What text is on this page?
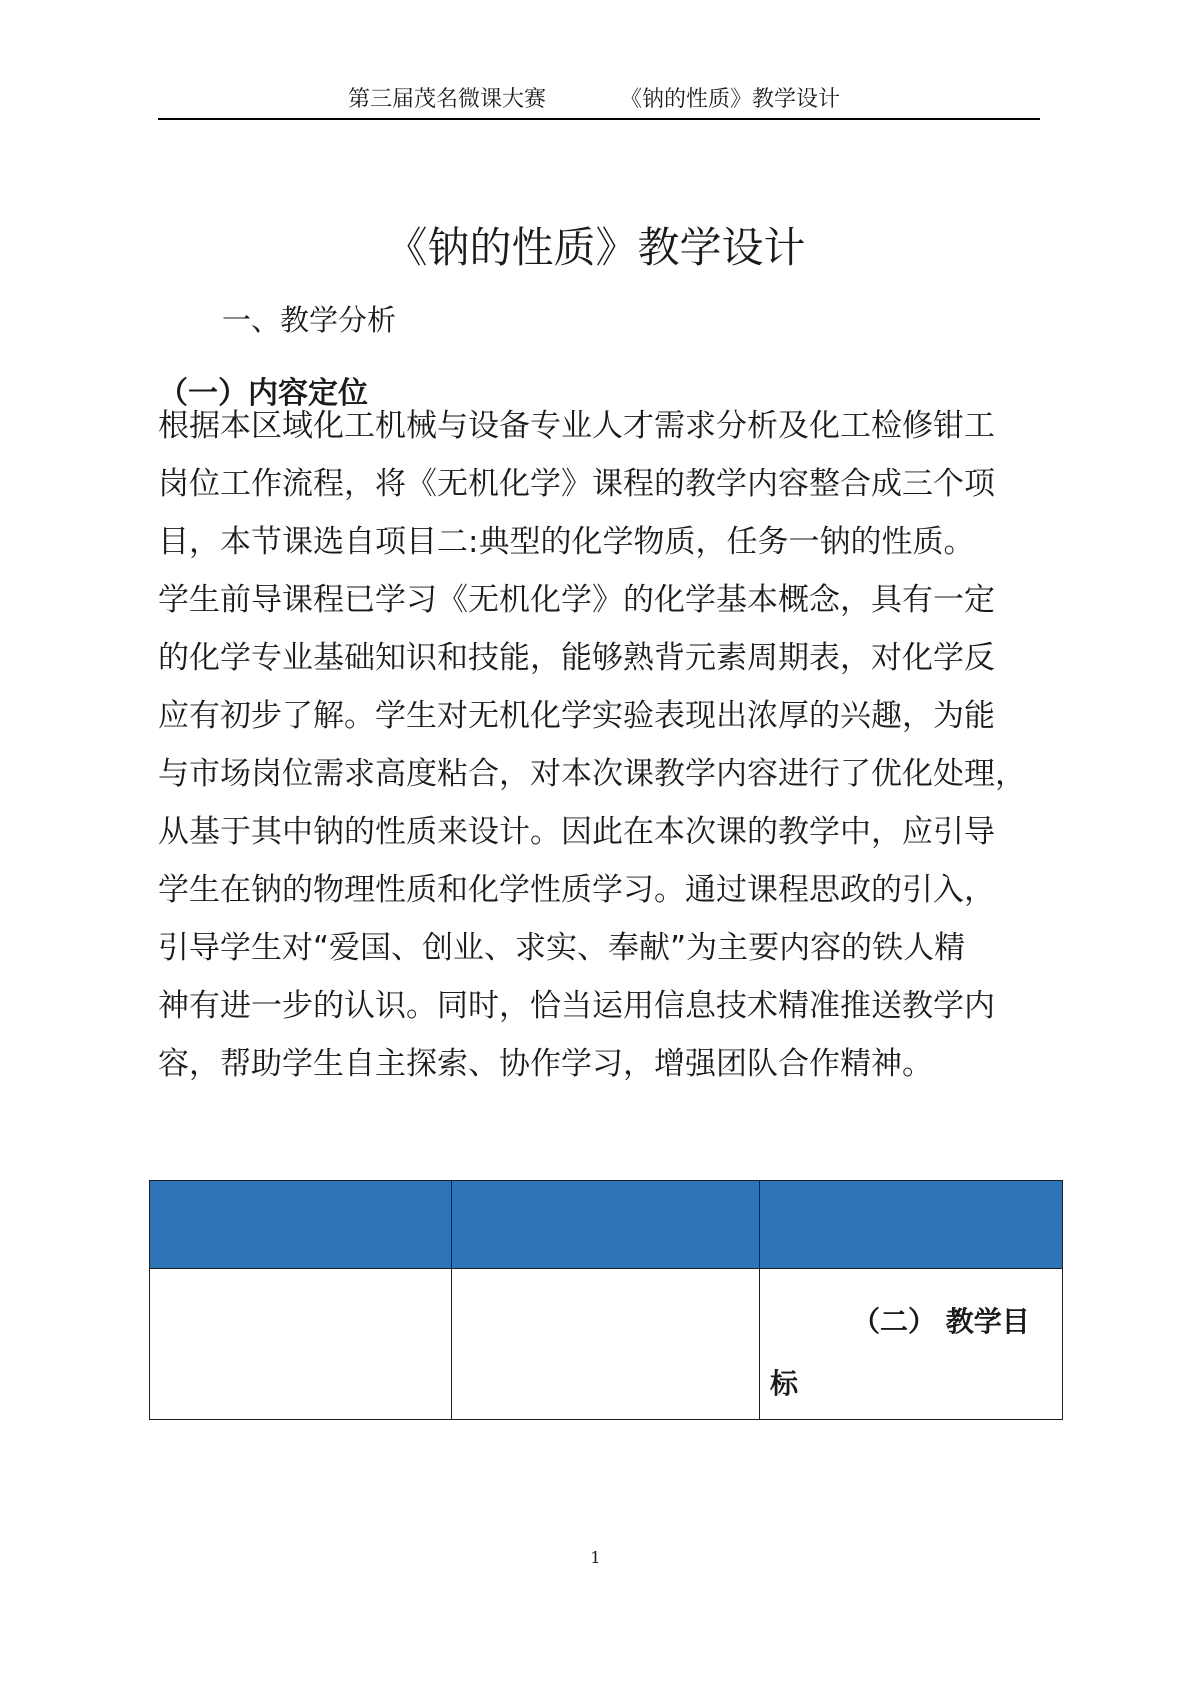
第三届茂名微课大赛	《钠的性质》教学设计
《钠的性质》教学设计
一、教学分析
（一）内容定位
根据本区域化工机械与设备专业人才需求分析及化工检修钳工
岗位工作流程，将《无机化学》课程的教学内容整合成三个项
目，本节课选自项目二:典型的化学物质，任务一钠的性质。
学生前导课程已学习《无机化学》的化学基本概念，具有一定
的化学专业基础知识和技能，能够熟背元素周期表，对化学反
应有初步了解。学生对无机化学实验表现出浓厚的兴趣，为能
与市场岗位需求高度粘合，对本次课教学内容进行了优化处理，
从基于其中钠的性质来设计。因此在本次课的教学中，应引导
学生在钠的物理性质和化学性质学习。通过课程思政的引入，
引导学生对“爱国、创业、求实、奉献”为主要内容的铁人精
神有进一步的认识。同时，恰当运用信息技术精准推送教学内
容，帮助学生自主探索、协作学习，增强团队合作精神。

		（二） 教学目
标
1
